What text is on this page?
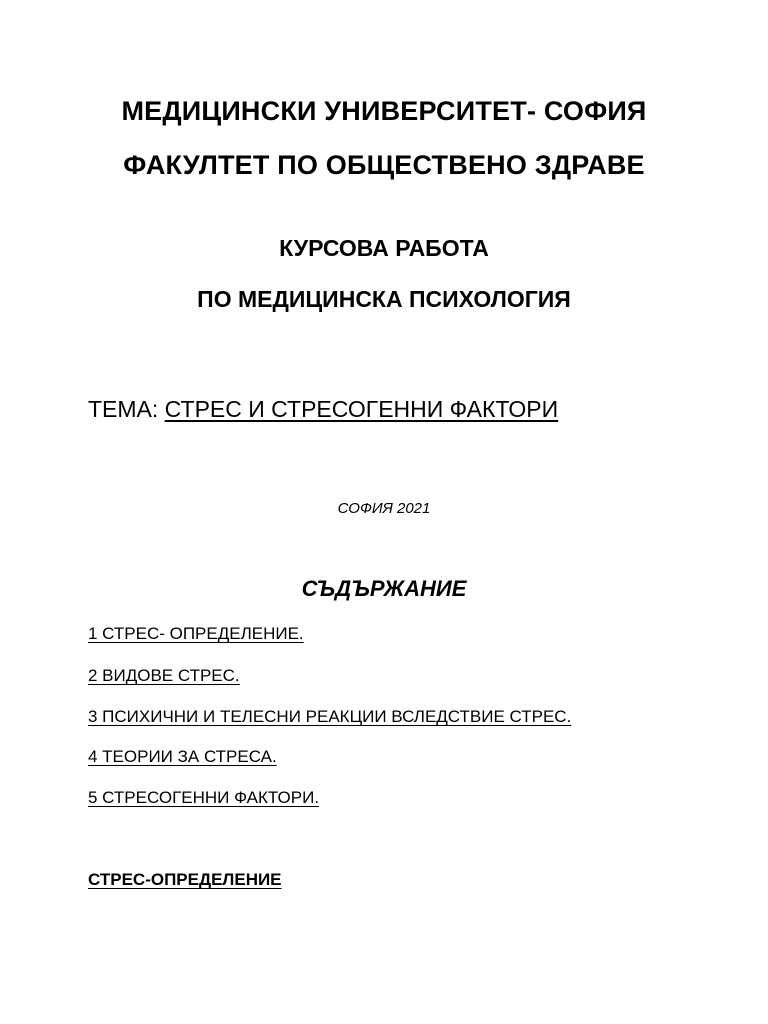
МЕДИЦИНСКИ УНИВЕРСИТЕТ- СОФИЯ

ФАКУЛТЕТ ПО ОБЩЕСТВЕНО ЗДРАВЕ

КУРСОВА РАБОТА

ПО МЕДИЦИНСКА ПСИХОЛОГИЯ

ТЕМА: СТРЕС И СТРЕСОГЕННИ ФАКТОРИ

СОФИЯ 2021

СЪДЪРЖАНИЕ

1 СТРЕС- ОПРЕДЕЛЕНИЕ.

2 ВИДОВЕ СТРЕС.

3 ПСИХИЧНИ И ТЕЛЕСНИ РЕАКЦИИ ВСЛЕДСТВИЕ СТРЕС.

4 ТЕОРИИ ЗА СТРЕСА.

5 СТРЕСОГЕННИ ФАКТОРИ.

СТРЕС-ОПРЕДЕЛЕНИЕ
